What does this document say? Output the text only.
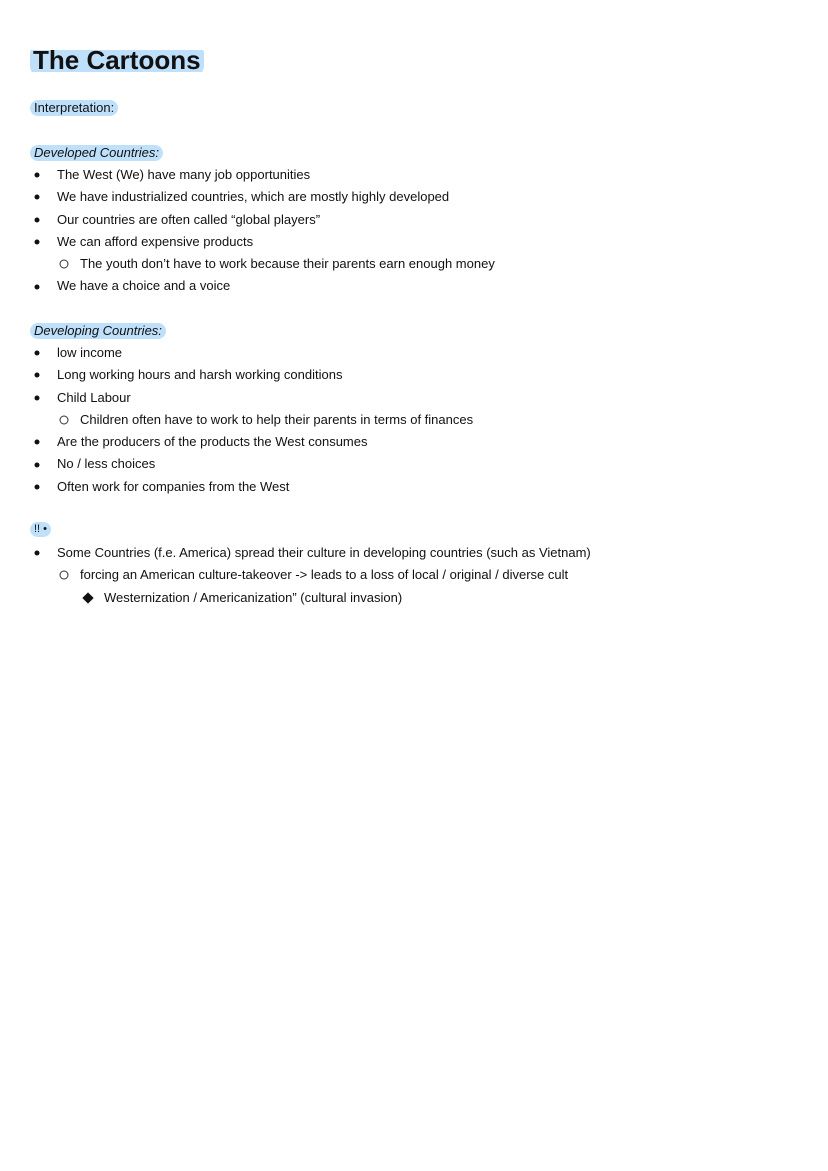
The Cartoons
Interpretation:
Developed Countries:
The West (We) have many job opportunities
We have industrialized countries, which are mostly highly developed
Our countries are often called “global players”
We can afford expensive products
The youth don’t have to work because their parents earn enough money
We have a choice and a voice
Developing Countries:
low income
Long working hours and harsh working conditions
Child Labour
Children often have to work to help their parents in terms of finances
Are the producers of the products the West consumes
No / less choices
Often work for companies from the West
!! •
Some Countries (f.e. America) spread their culture in developing countries (such as Vietnam)
forcing an American culture-takeover -> leads to a loss of local / original / diverse cult
Westernization / Americanization” (cultural invasion)
